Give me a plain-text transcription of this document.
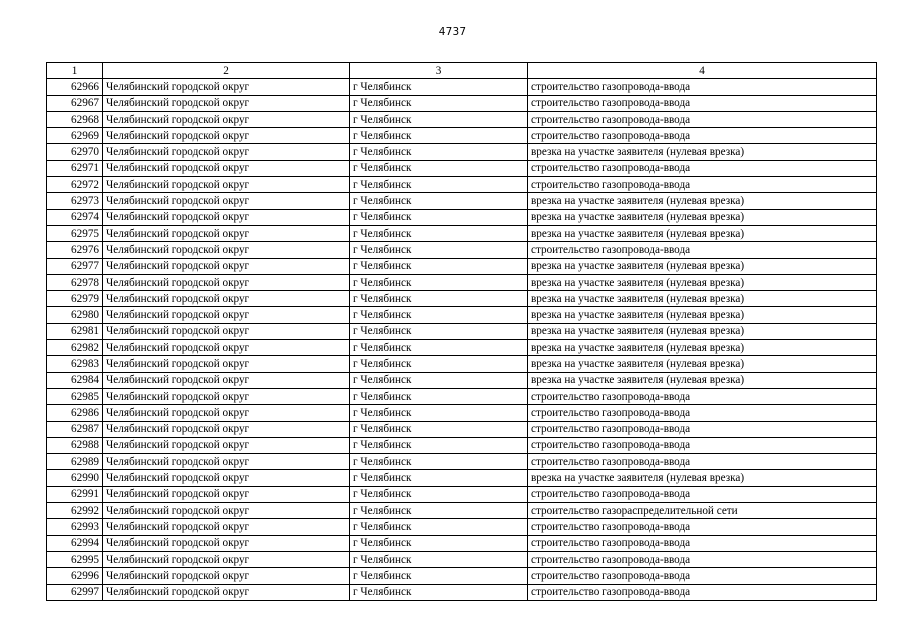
4737
1	2	3	4
62966	Челябинский городской округ	г Челябинск	строительство газопровода-ввода
62967	Челябинский городской округ	г Челябинск	строительство газопровода-ввода
62968	Челябинский городской округ	г Челябинск	строительство газопровода-ввода
62969	Челябинский городской округ	г Челябинск	строительство газопровода-ввода
62970	Челябинский городской округ	г Челябинск	врезка на участке заявителя (нулевая врезка)
62971	Челябинский городской округ	г Челябинск	строительство газопровода-ввода
62972	Челябинский городской округ	г Челябинск	строительство газопровода-ввода
62973	Челябинский городской округ	г Челябинск	врезка на участке заявителя (нулевая врезка)
62974	Челябинский городской округ	г Челябинск	врезка на участке заявителя (нулевая врезка)
62975	Челябинский городской округ	г Челябинск	врезка на участке заявителя (нулевая врезка)
62976	Челябинский городской округ	г Челябинск	строительство газопровода-ввода
62977	Челябинский городской округ	г Челябинск	врезка на участке заявителя (нулевая врезка)
62978	Челябинский городской округ	г Челябинск	врезка на участке заявителя (нулевая врезка)
62979	Челябинский городской округ	г Челябинск	врезка на участке заявителя (нулевая врезка)
62980	Челябинский городской округ	г Челябинск	врезка на участке заявителя (нулевая врезка)
62981	Челябинский городской округ	г Челябинск	врезка на участке заявителя (нулевая врезка)
62982	Челябинский городской округ	г Челябинск	врезка на участке заявителя (нулевая врезка)
62983	Челябинский городской округ	г Челябинск	врезка на участке заявителя (нулевая врезка)
62984	Челябинский городской округ	г Челябинск	врезка на участке заявителя (нулевая врезка)
62985	Челябинский городской округ	г Челябинск	строительство газопровода-ввода
62986	Челябинский городской округ	г Челябинск	строительство газопровода-ввода
62987	Челябинский городской округ	г Челябинск	строительство газопровода-ввода
62988	Челябинский городской округ	г Челябинск	строительство газопровода-ввода
62989	Челябинский городской округ	г Челябинск	строительство газопровода-ввода
62990	Челябинский городской округ	г Челябинск	врезка на участке заявителя (нулевая врезка)
62991	Челябинский городской округ	г Челябинск	строительство газопровода-ввода
62992	Челябинский городской округ	г Челябинск	строительство газораспределительной сети
62993	Челябинский городской округ	г Челябинск	строительство газопровода-ввода
62994	Челябинский городской округ	г Челябинск	строительство газопровода-ввода
62995	Челябинский городской округ	г Челябинск	строительство газопровода-ввода
62996	Челябинский городской округ	г Челябинск	строительство газопровода-ввода
62997	Челябинский городской округ	г Челябинск	строительство газопровода-ввода
